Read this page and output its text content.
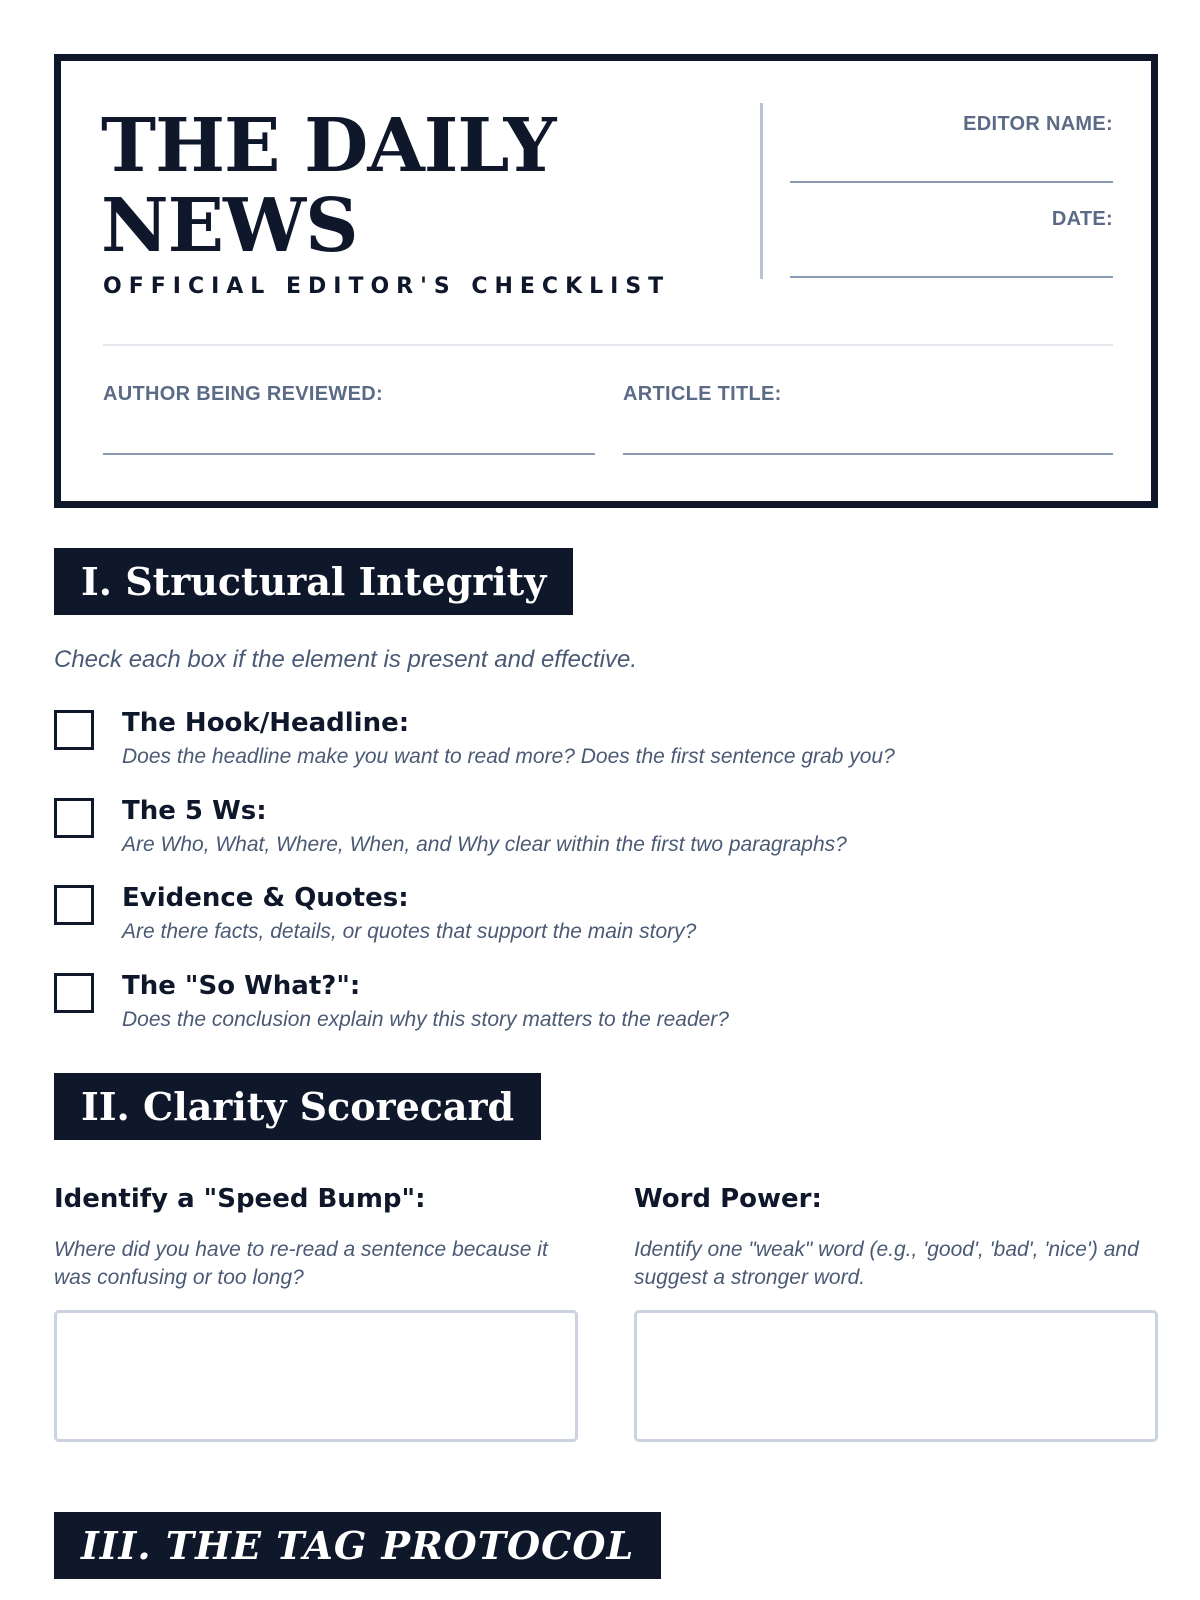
THE DAILY NEWS
OFFICIAL EDITOR'S CHECKLIST
EDITOR NAME:
DATE:
AUTHOR BEING REVIEWED:	ARTICLE TITLE:
I. Structural Integrity
Check each box if the element is present and effective.
The Hook/Headline:
Does the headline make you want to read more? Does the first sentence grab you?
The 5 Ws:
Are Who, What, Where, When, and Why clear within the first two paragraphs?
Evidence & Quotes:
Are there facts, details, or quotes that support the main story?
The "So What?":
Does the conclusion explain why this story matters to the reader?
II. Clarity Scorecard
Identify a "Speed Bump":
Where did you have to re-read a sentence because it was confusing or too long?
Word Power:
Identify one "weak" word (e.g., 'good', 'bad', 'nice') and suggest a stronger word.
III. THE TAG PROTOCOL
